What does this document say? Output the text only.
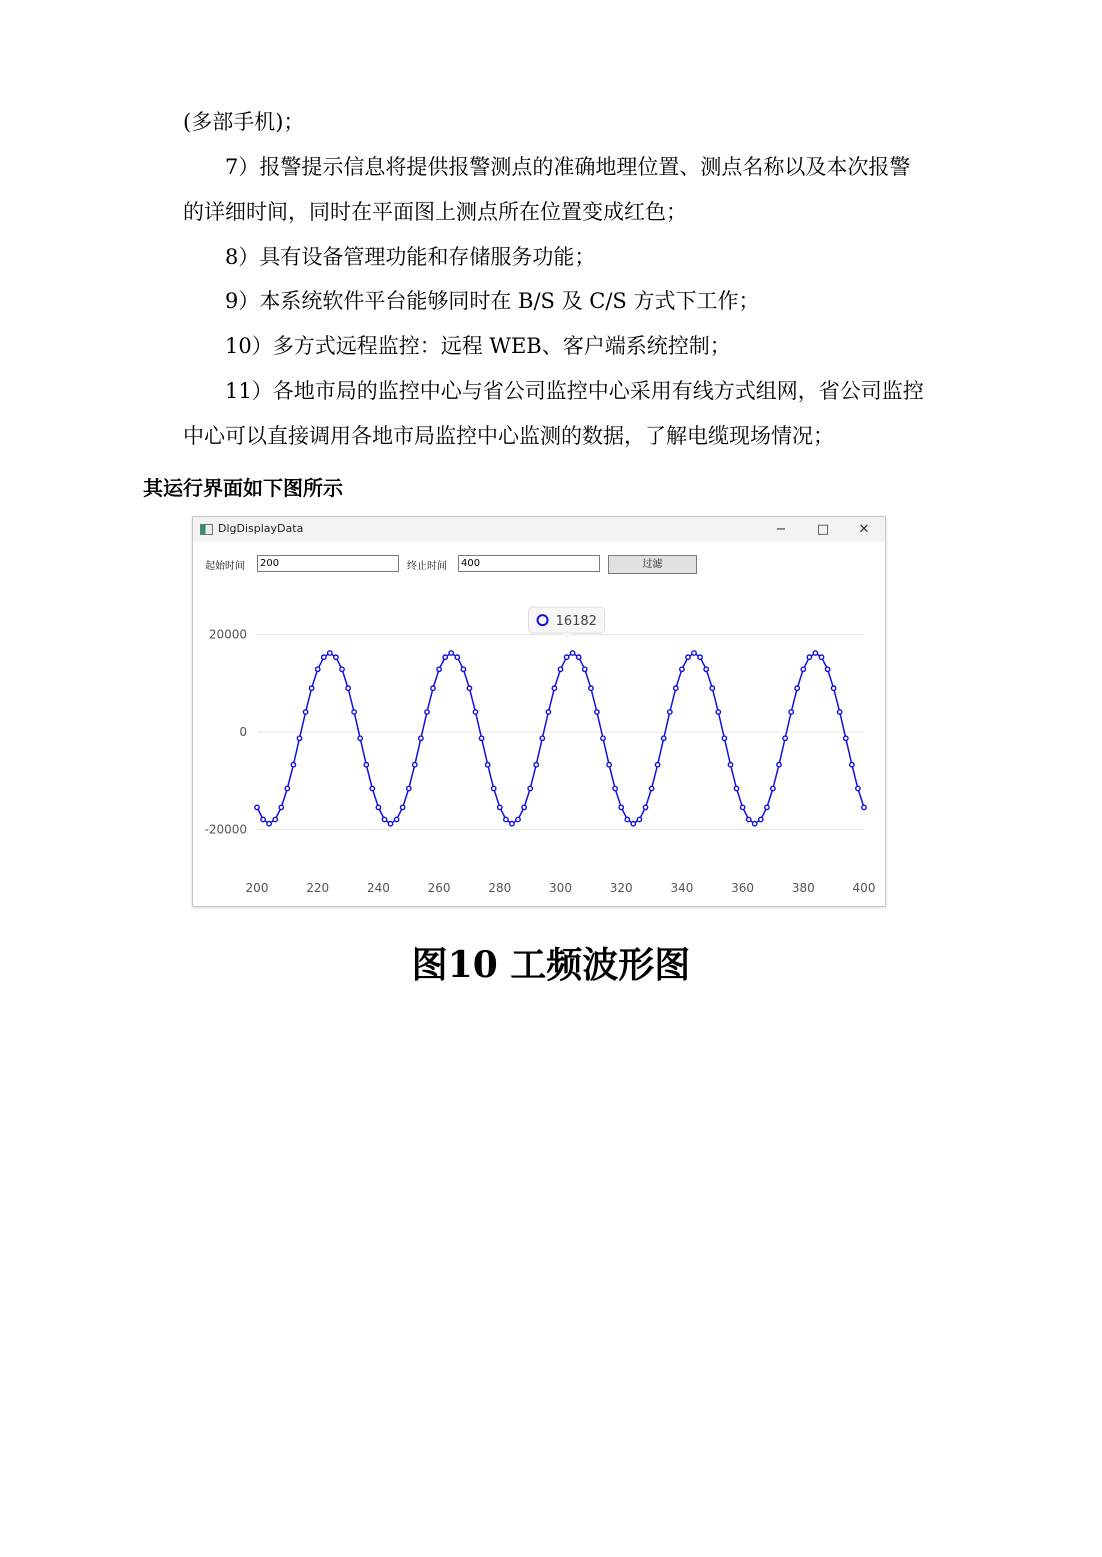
(多部手机)；
7）报警提示信息将提供报警测点的准确地理位置、测点名称以及本次报警
的详细时间，同时在平面图上测点所在位置变成红色；
8）具有设备管理功能和存储服务功能；
9）本系统软件平台能够同时在 B/S 及 C/S 方式下工作；
10）多方式远程监控：远程 WEB、客户端系统控制；
11）各地市局的监控中心与省公司监控中心采用有线方式组网，省公司监控
中心可以直接调用各地市局监控中心监测的数据，了解电缆现场情况；
其运行界面如下图所示
DlgDisplayData	−	□	✕
起始时间
200	终止时间
400	过滤
20000
0
-20000
200	220	240	260	280	300	320	340	360	380	400
16182
图10 工频波形图
